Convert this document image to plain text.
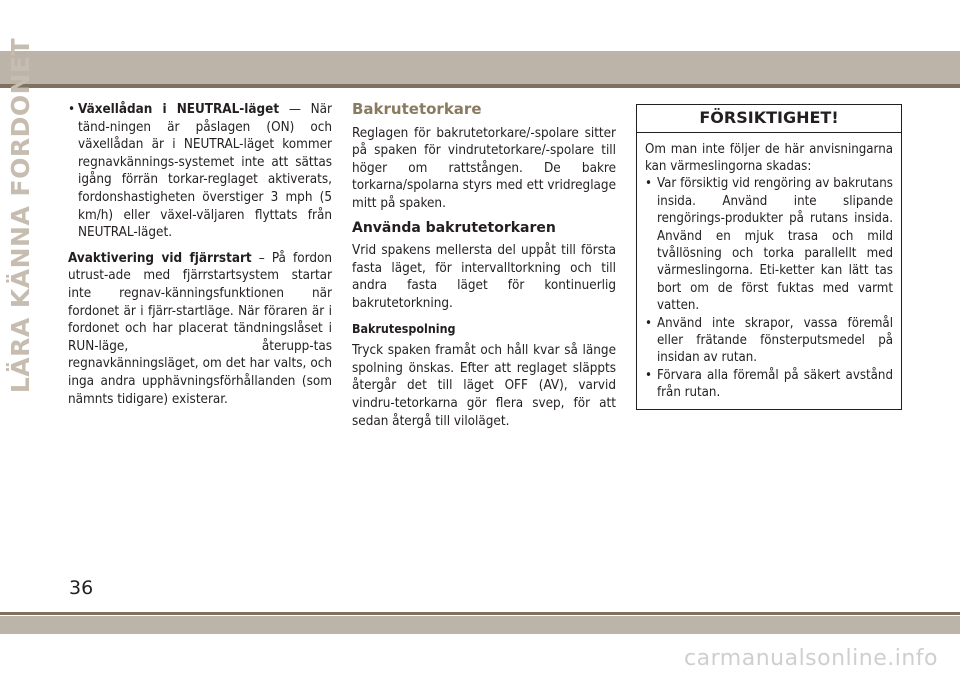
LÄRA KÄNNA FORDONET • Växellådan i NEUTRAL-läget — När tänd-ningen är påslagen (ON) och växellådan är i NEUTRAL-läget kommer regnavkännings-systemet inte att sättas igång förrän torkar-reglaget aktiverats, fordonshastigheten överstiger 3 mph (5 km/h) eller växel-väljaren flyttats från NEUTRAL-läget.

Avaktivering vid fjärrstart – På fordon utrust-ade med fjärrstartsystem startar inte regnav-känningsfunktionen när fordonet är i fjärr-startläge. När föraren är i fordonet och har placerat tändningslåset i RUN-läge, återupp-tas regnavkänningsläget, om det har valts, och inga andra upphävningsförhållanden (som nämnts tidigare) existerar.

Bakrutetorkare

Reglagen för bakrutetorkare/-spolare sitter på spaken för vindrutetorkare/-spolare till höger om rattstången. De bakre torkarna/spolarna styrs med ett vridreglage mitt på spaken.

Använda bakrutetorkaren

Vrid spakens mellersta del uppåt till första fasta läget, för intervalltorkning och till andra fasta läget för kontinuerlig bakrutetorkning.

Bakrutespolning

Tryck spaken framåt och håll kvar så länge spolning önskas. Efter att reglaget släppts återgår det till läget OFF (AV), varvid vindru-tetorkarna gör flera svep, för att sedan återgå till viloläget.

FÖRSIKTIGHET!

Om man inte följer de här anvisningarna kan värmeslingorna skadas:

• Var försiktig vid rengöring av bakrutans insida. Använd inte slipande rengörings-produkter på rutans insida. Använd en mjuk trasa och mild tvållösning och torka parallellt med värmeslingorna. Eti-ketter kan lätt tas bort om de först fuktas med varmt vatten.
• Använd inte skrapor, vassa föremål eller frätande fönsterputsmedel på insidan av rutan.
• Förvara alla föremål på säkert avstånd från rutan.
36
carmanualsonline.info
